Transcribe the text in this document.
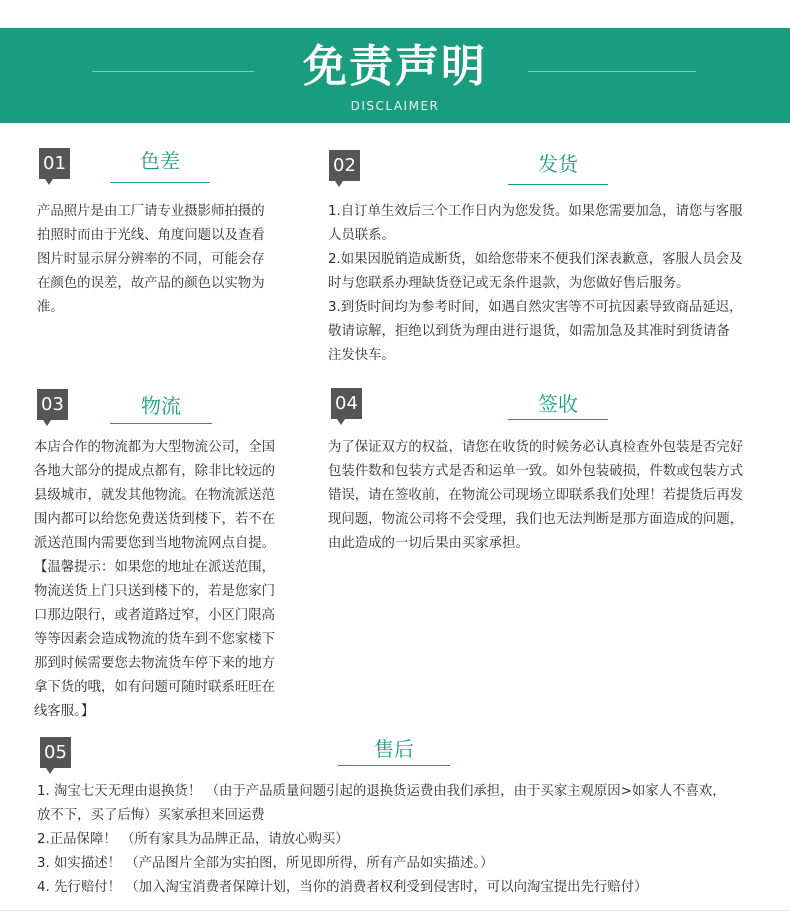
免责声明
DISCLAIMER
01	色差

产品照片是由工厂请专业摄影师拍摄的

拍照时而由于光线、角度问题以及查看

图片时显示屏分辨率的不同，可能会存

在颜色的误差，故产品的颜色以实物为

准。

02	发货

1.自订单生效后三个工作日内为您发货。如果您需要加急，请您与客服

人员联系。

2.如果因脱销造成断货，如给您带来不便我们深表歉意，客服人员会及

时与您联系办理缺货登记或无条件退款，为您做好售后服务。

3.到货时间均为参考时间，如遇自然灾害等不可抗因素导致商品延迟，

敬请谅解，拒绝以到货为理由进行退货，如需加急及其准时到货请备

注发快车。

03	物流

本店合作的物流都为大型物流公司，全国

各地大部分的提成点都有，除非比较远的

县级城市，就发其他物流。在物流派送范

围内都可以给您免费送货到楼下，若不在

派送范围内需要您到当地物流网点自提。

【温馨提示：如果您的地址在派送范围，

物流送货上门只送到楼下的，若是您家门

口那边限行，或者道路过窄，小区门限高

等等因素会造成物流的货车到不您家楼下

那到时候需要您去物流货车停下来的地方

拿下货的哦，如有问题可随时联系旺旺在

线客服。】

04	签收

为了保证双方的权益，请您在收货的时候务必认真检查外包装是否完好

包装件数和包装方式是否和运单一致。如外包装破损，件数或包装方式

错误，请在签收前，在物流公司现场立即联系我们处理！若提货后再发

现问题，物流公司将不会受理，我们也无法判断是那方面造成的问题，

由此造成的一切后果由买家承担。

05	售后

1. 淘宝七天无理由退换货！ （由于产品质量问题引起的退换货运费由我们承担，由于买家主观原因>如家人不喜欢，

放不下，买了后悔）买家承担来回运费

2.正品保障！ （所有家具为品牌正品，请放心购买）

3. 如实描述！ （产品图片全部为实拍图，所见即所得，所有产品如实描述。）

4. 先行赔付！ （加入淘宝消费者保障计划，当你的消费者权利受到侵害时，可以向淘宝提出先行赔付）
